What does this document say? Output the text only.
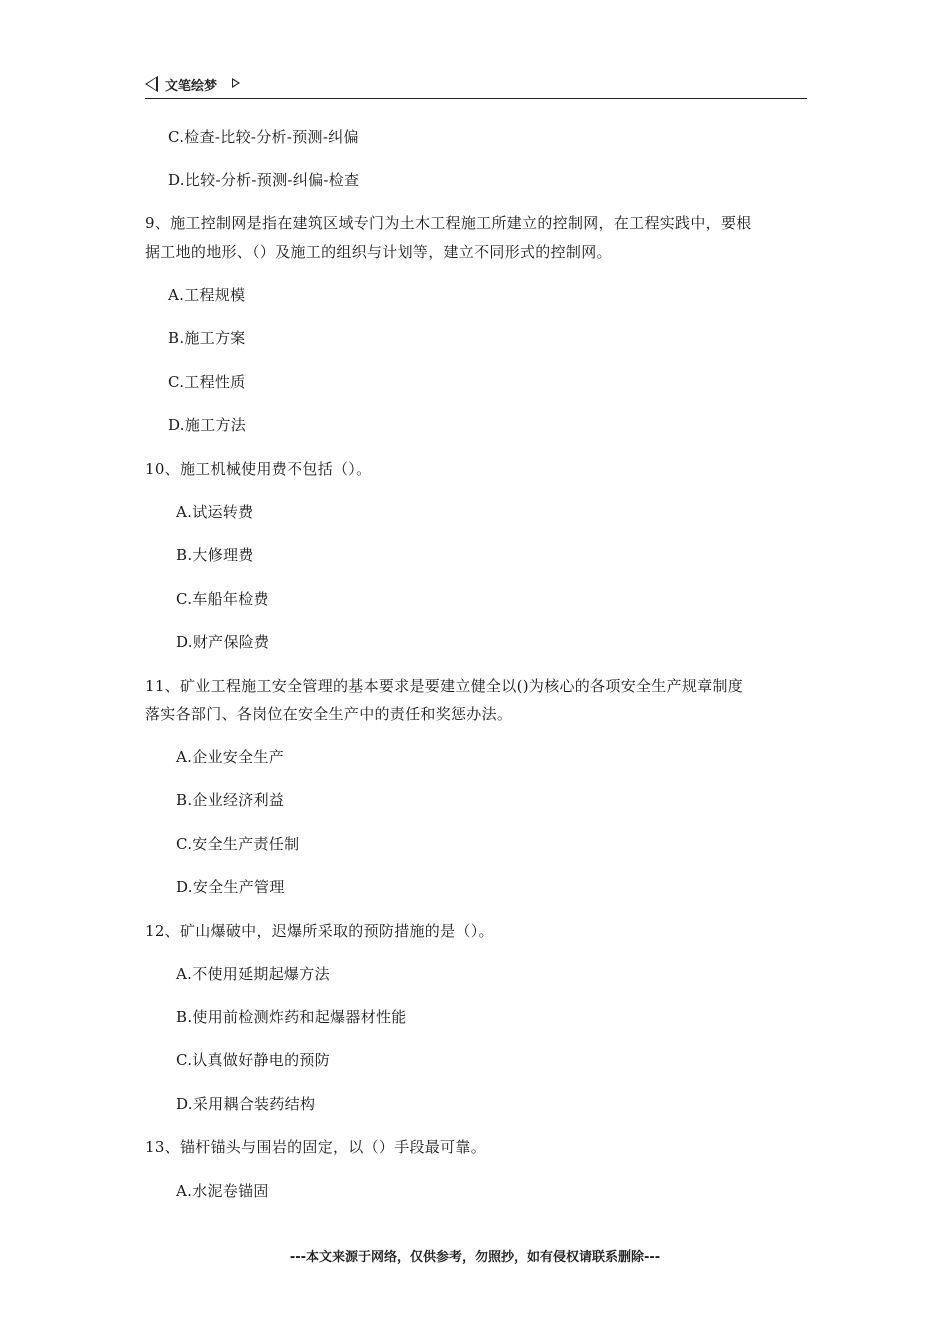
文笔绘梦
C.检查-比较-分析-预测-纠偏
D.比较-分析-预测-纠偏-检查
9、施工控制网是指在建筑区域专门为土木工程施工所建立的控制网，在工程实践中，要根
据工地的地形、（）及施工的组织与计划等，建立不同形式的控制网。
A.工程规模
B.施工方案
C.工程性质
D.施工方法
10、施工机械使用费不包括（）。
A.试运转费
B.大修理费
C.车船年检费
D.财产保险费
11、矿业工程施工安全管理的基本要求是要建立健全以()为核心的各项安全生产规章制度
落实各部门、各岗位在安全生产中的责任和奖惩办法。
A.企业安全生产
B.企业经济利益
C.安全生产责任制
D.安全生产管理
12、矿山爆破中，迟爆所采取的预防措施的是（）。
A.不使用延期起爆方法
B.使用前检测炸药和起爆器材性能
C.认真做好静电的预防
D.采用耦合装药结构
13、锚杆锚头与围岩的固定，以（）手段最可靠。
A.水泥卷锚固
---本文来源于网络，仅供参考，勿照抄，如有侵权请联系删除---
